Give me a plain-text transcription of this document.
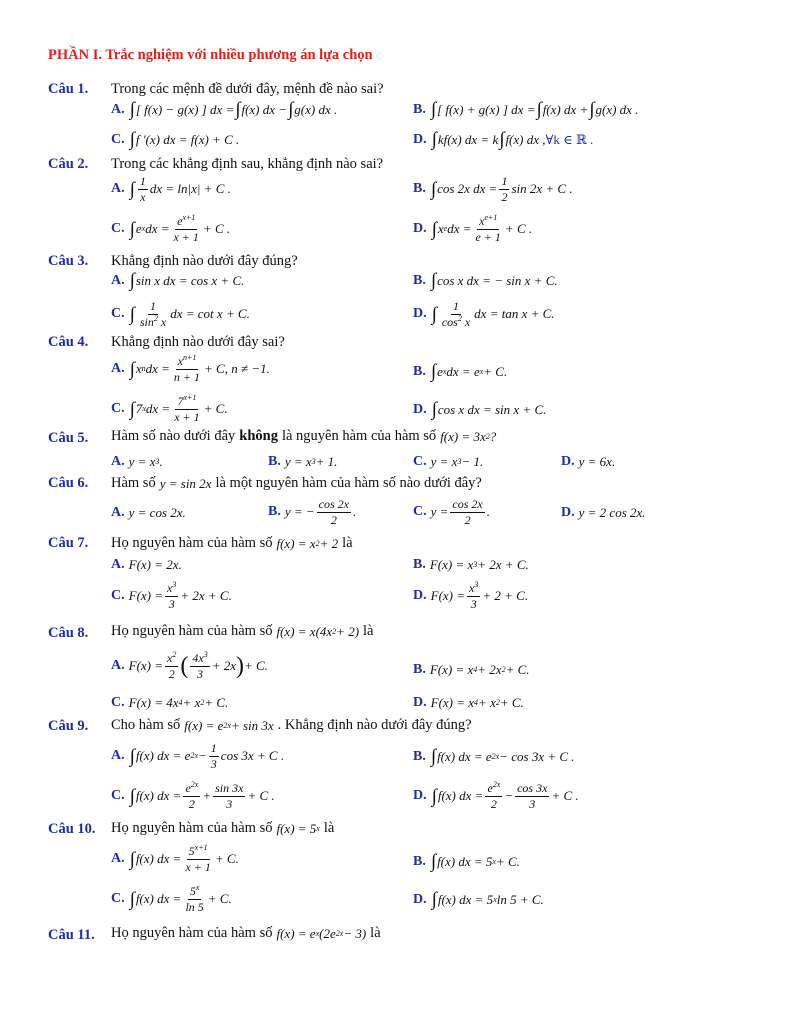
PHẦN I. Trắc nghiệm với nhiều phương án lựa chọn
Câu 1. Trong các mệnh đề dưới đây, mệnh đề nào sai?
A. ∫ [ f(x) − g(x) ] dx = ∫ f(x) dx − ∫ g(x) dx .	B. ∫ [ f(x) + g(x) ] dx = ∫ f(x) dx + ∫ g(x) dx .
C. ∫ f ′(x) dx = f(x) + C .	D. ∫ kf(x) dx = k ∫ f(x) dx , ∀k ∈ ℝ .
Câu 2. Trong các khẳng định sau, khẳng định nào sai?
A. ∫ $\frac{1}{x}$ dx = ln|x| + C .	B. ∫ cos 2x dx = $\frac{1}{2}$ sin 2x + C .
C. ∫ e x dx = $\frac{e^{x+1}}{x + 1} + C$ .	D. ∫ x e dx = $\frac{x^{e+1}}{e + 1} + C$ .
Câu 3. Khẳng định nào dưới đây đúng?
A. ∫ sin x dx = cos x + C.	B. ∫ cos x dx = − sin x + C.
C. ∫ $\frac{1}{\sin^2 x}$ dx = cot x + C.	D. ∫ $\frac{1}{\cos^2 x}$ dx = tan x + C.
Câu 4. Khẳng định nào dưới đây sai?
A. ∫ x n dx = $\frac{x^{n+1}}{n + 1} + C$, n ≠ −1.	B. ∫ e x dx = e x + C.
C. ∫ 7 x dx = $\frac{7^{x+1}}{x + 1} + C$.	D. ∫ cos x dx = sin x + C.
Câu 5. Hàm số nào dưới đây không là nguyên hàm của hàm số f(x) = 3x 2 ?
A. y = x 3 .	B. y = x 3 + 1.	C. y = x 3 − 1.	D. y = 6x.
Câu 6. Hàm số y = sin 2x là một nguyên hàm của hàm số nào dưới đây?
A. y = cos 2x.	B. y = − $\frac{\cos 2x}{2}$ .	C. $y = \frac{\cos 2x}{2}$ .	D. y = 2 cos 2x.
Câu 7. Họ nguyên hàm của hàm số f(x) = x 2 + 2 là
A. F(x) = 2x.	B. F(x) = x 3 + 2x + C.
C. $F(x) = \frac{x^3}{3} + 2x + C$.	D. $F(x) = \frac{x^3}{3} + 2 + C$.
Câu 8. Họ nguyên hàm của hàm số f(x) = x(4x 2 + 2) là
A. $F(x) = \frac{x^2}{2}$ ( $\frac{4x^3}{3} + 2x$ ) + C.	B. F(x) = x 4 + 2x 2 + C.
C. F(x) = 4x 4 + x 2 + C.	D. F(x) = x 4 + x 2 + C.
Câu 9. Cho hàm số f(x) = e 2x + sin 3x . Khẳng định nào dưới đây đúng?
A. ∫ f(x) dx = e $2x - \frac{1}{3}$ cos 3x + C .	B. ∫ f(x) dx = e 2x − cos 3x + C .
C. ∫ f(x) dx = $\frac{e^{2x}}{2} + \frac{\sin 3x}{3} + C$ .	D. ∫ f(x) dx = $\frac{e^{2x}}{2} - \frac{\cos 3x}{3} + C$ .
Câu 10. Họ nguyên hàm của hàm số f(x) = 5 x là
A. ∫ f(x) dx = $\frac{5^{x+1}}{x + 1} + C$.	B. ∫ f(x) dx = 5 x + C.
C. ∫ f(x) dx = $\frac{5^x}{\ln 5} + C$.	D. ∫ f(x) dx = 5 x ln 5 + C.
Câu 11. Họ nguyên hàm của hàm số f(x) = e x (2e 2x − 3) là
